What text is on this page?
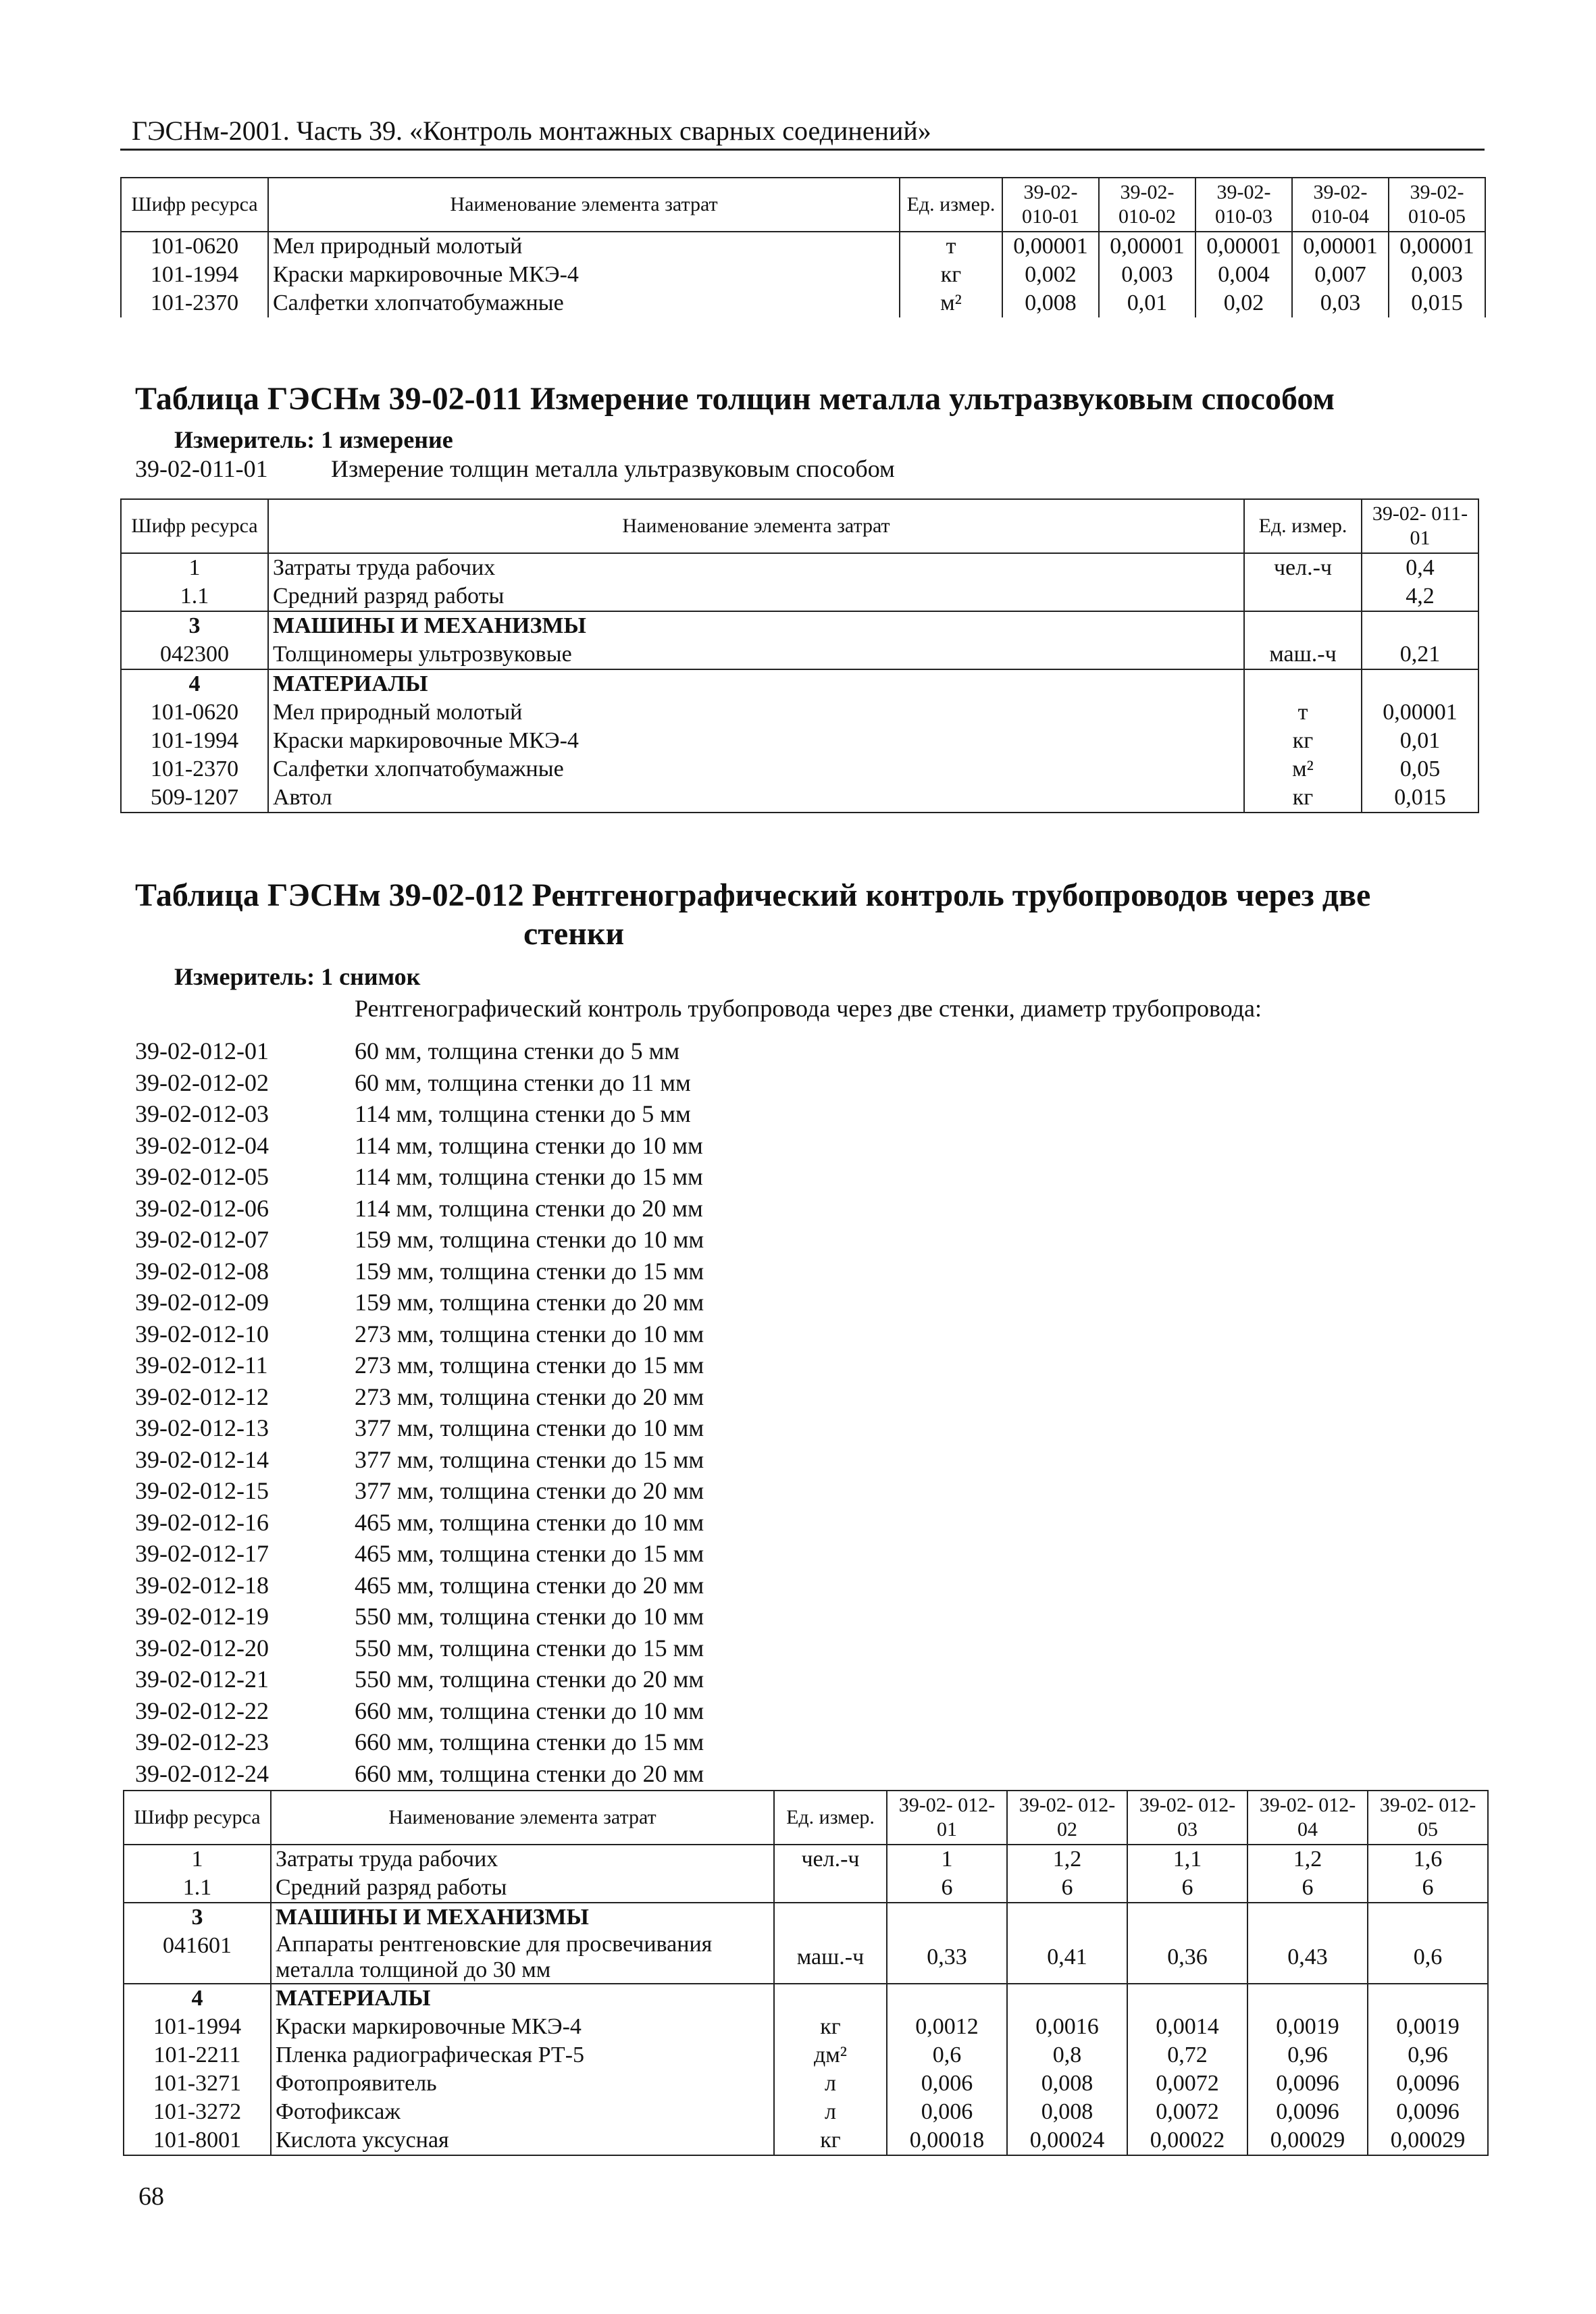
ГЭСНм-2001. Часть 39. «Контроль монтажных сварных соединений»
Шифр ресурса	Наименование элемента затрат	Ед. измер.	39-02- 010-01	39-02- 010-02	39-02- 010-03	39-02- 010-04	39-02- 010-05
101-0620	Мел природный молотый	т	0,00001	0,00001	0,00001	0,00001	0,00001
101-1994	Краски маркировочные МКЭ-4	кг	0,002	0,003	0,004	0,007	0,003
101-2370	Салфетки хлопчатобумажные	м²	0,008	0,01	0,02	0,03	0,015
Таблица ГЭСНм 39-02-011 Измерение толщин металла ультразвуковым способом
Измеритель: 1 измерение
39-02-011-01	Измерение толщин металла ультразвуковым способом
Шифр ресурса	Наименование элемента затрат	Ед. измер.	39-02- 011-01
1	Затраты труда рабочих	чел.-ч	0,4
1.1	Средний разряд работы		4,2
3	МАШИНЫ И МЕХАНИЗМЫ		
042300	Толщиномеры ультрозвуковые	маш.-ч	0,21
4	МАТЕРИАЛЫ		
101-0620	Мел природный молотый	т	0,00001
101-1994	Краски маркировочные МКЭ-4	кг	0,01
101-2370	Салфетки хлопчатобумажные	м²	0,05
509-1207	Автол	кг	0,015
Таблица ГЭСНм 39-02-012 Рентгенографический контроль трубопроводов через две
стенки
Измеритель: 1 снимок
Рентгенографический контроль трубопровода через две стенки, диаметр трубопровода:
39-02-012-01	60 мм, толщина стенки до 5 мм
39-02-012-02	60 мм, толщина стенки до 11 мм
39-02-012-03	114 мм, толщина стенки до 5 мм
39-02-012-04	114 мм, толщина стенки до 10 мм
39-02-012-05	114 мм, толщина стенки до 15 мм
39-02-012-06	114 мм, толщина стенки до 20 мм
39-02-012-07	159 мм, толщина стенки до 10 мм
39-02-012-08	159 мм, толщина стенки до 15 мм
39-02-012-09	159 мм, толщина стенки до 20 мм
39-02-012-10	273 мм, толщина стенки до 10 мм
39-02-012-11	273 мм, толщина стенки до 15 мм
39-02-012-12	273 мм, толщина стенки до 20 мм
39-02-012-13	377 мм, толщина стенки до 10 мм
39-02-012-14	377 мм, толщина стенки до 15 мм
39-02-012-15	377 мм, толщина стенки до 20 мм
39-02-012-16	465 мм, толщина стенки до 10 мм
39-02-012-17	465 мм, толщина стенки до 15 мм
39-02-012-18	465 мм, толщина стенки до 20 мм
39-02-012-19	550 мм, толщина стенки до 10 мм
39-02-012-20	550 мм, толщина стенки до 15 мм
39-02-012-21	550 мм, толщина стенки до 20 мм
39-02-012-22	660 мм, толщина стенки до 10 мм
39-02-012-23	660 мм, толщина стенки до 15 мм
39-02-012-24	660 мм, толщина стенки до 20 мм
Шифр ресурса	Наименование элемента затрат	Ед. измер.	39-02- 012-01	39-02- 012-02	39-02- 012-03	39-02- 012-04	39-02- 012-05
1	Затраты труда рабочих	чел.-ч	1	1,2	1,1	1,2	1,6
1.1	Средний разряд работы		6	6	6	6	6
3	МАШИНЫ И МЕХАНИЗМЫ						
041601	Аппараты рентгеновские для просвечивания металла толщиной до 30 мм	маш.-ч	0,33	0,41	0,36	0,43	0,6
4	МАТЕРИАЛЫ						
101-1994	Краски маркировочные МКЭ-4	кг	0,0012	0,0016	0,0014	0,0019	0,0019
101-2211	Пленка радиографическая РТ-5	дм²	0,6	0,8	0,72	0,96	0,96
101-3271	Фотопроявитель	л	0,006	0,008	0,0072	0,0096	0,0096
101-3272	Фотофиксаж	л	0,006	0,008	0,0072	0,0096	0,0096
101-8001	Кислота уксусная	кг	0,00018	0,00024	0,00022	0,00029	0,00029
68
